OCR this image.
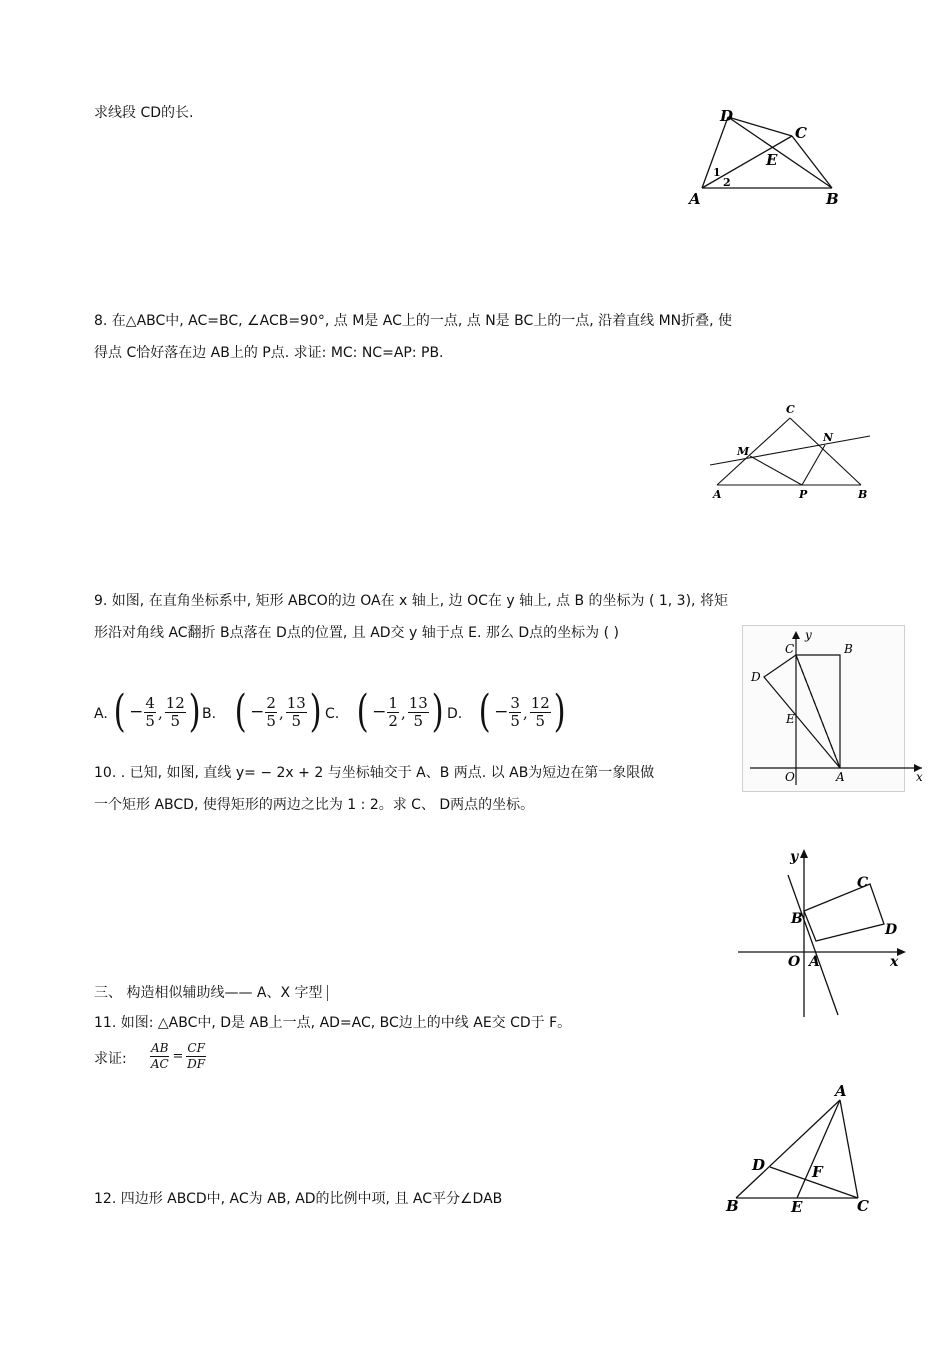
求线段 CD的长.	D
C
E
A	B
1
2
8. 在△ABC中, AC=BC, ∠ACB=90°, 点 M是 AC上的一点, 点 N是 BC上的一点, 沿着直线 MN折叠, 使
得点 C恰好落在边 AB上的 P点. 求证: MC: NC=AP: PB.
C
M
N
A	P	B
9. 如图, 在直角坐标系中, 矩形 ABCO的边 OA在 x 轴上, 边 OC在 y 轴上, 点 B 的坐标为 ( 1, 3), 将矩
形沿对角线 AC翻折 B点落在 D点的位置, 且 AD交 y 轴于点 E. 那么 D点的坐标为 ( )
A. ( − $\frac{4}{5}$ ,
12
5 ) B. ( − $\frac{2}{5}$ ,
13
5 ) C. ( − $\frac{1}{2}$ ,
13
5 ) D. ( − $\frac{3}{5}$ ,
12
5 )
y
C	B
D
E
O	A	x
10. . 已知, 如图, 直线 y= − 2x + 2 与坐标轴交于 A、B 两点. 以 AB为短边在第一象限做
一个矩形 ABCD, 使得矩形的两边之比为 1 : 2。求 C、 D两点的坐标。
y
C
B
D
O A	x
三、 构造相似辅助线—— A、X 字型
11. 如图: △ABC中, D是 AB上一点, AD=AC, BC边上的中线 AE交 CD于 F。
求证: $\frac{AB}{AC} = \frac{CF}{DF}$
A
D	F
B	E	C
12. 四边形 ABCD中, AC为 AB, AD的比例中项, 且 AC平分∠DAB
